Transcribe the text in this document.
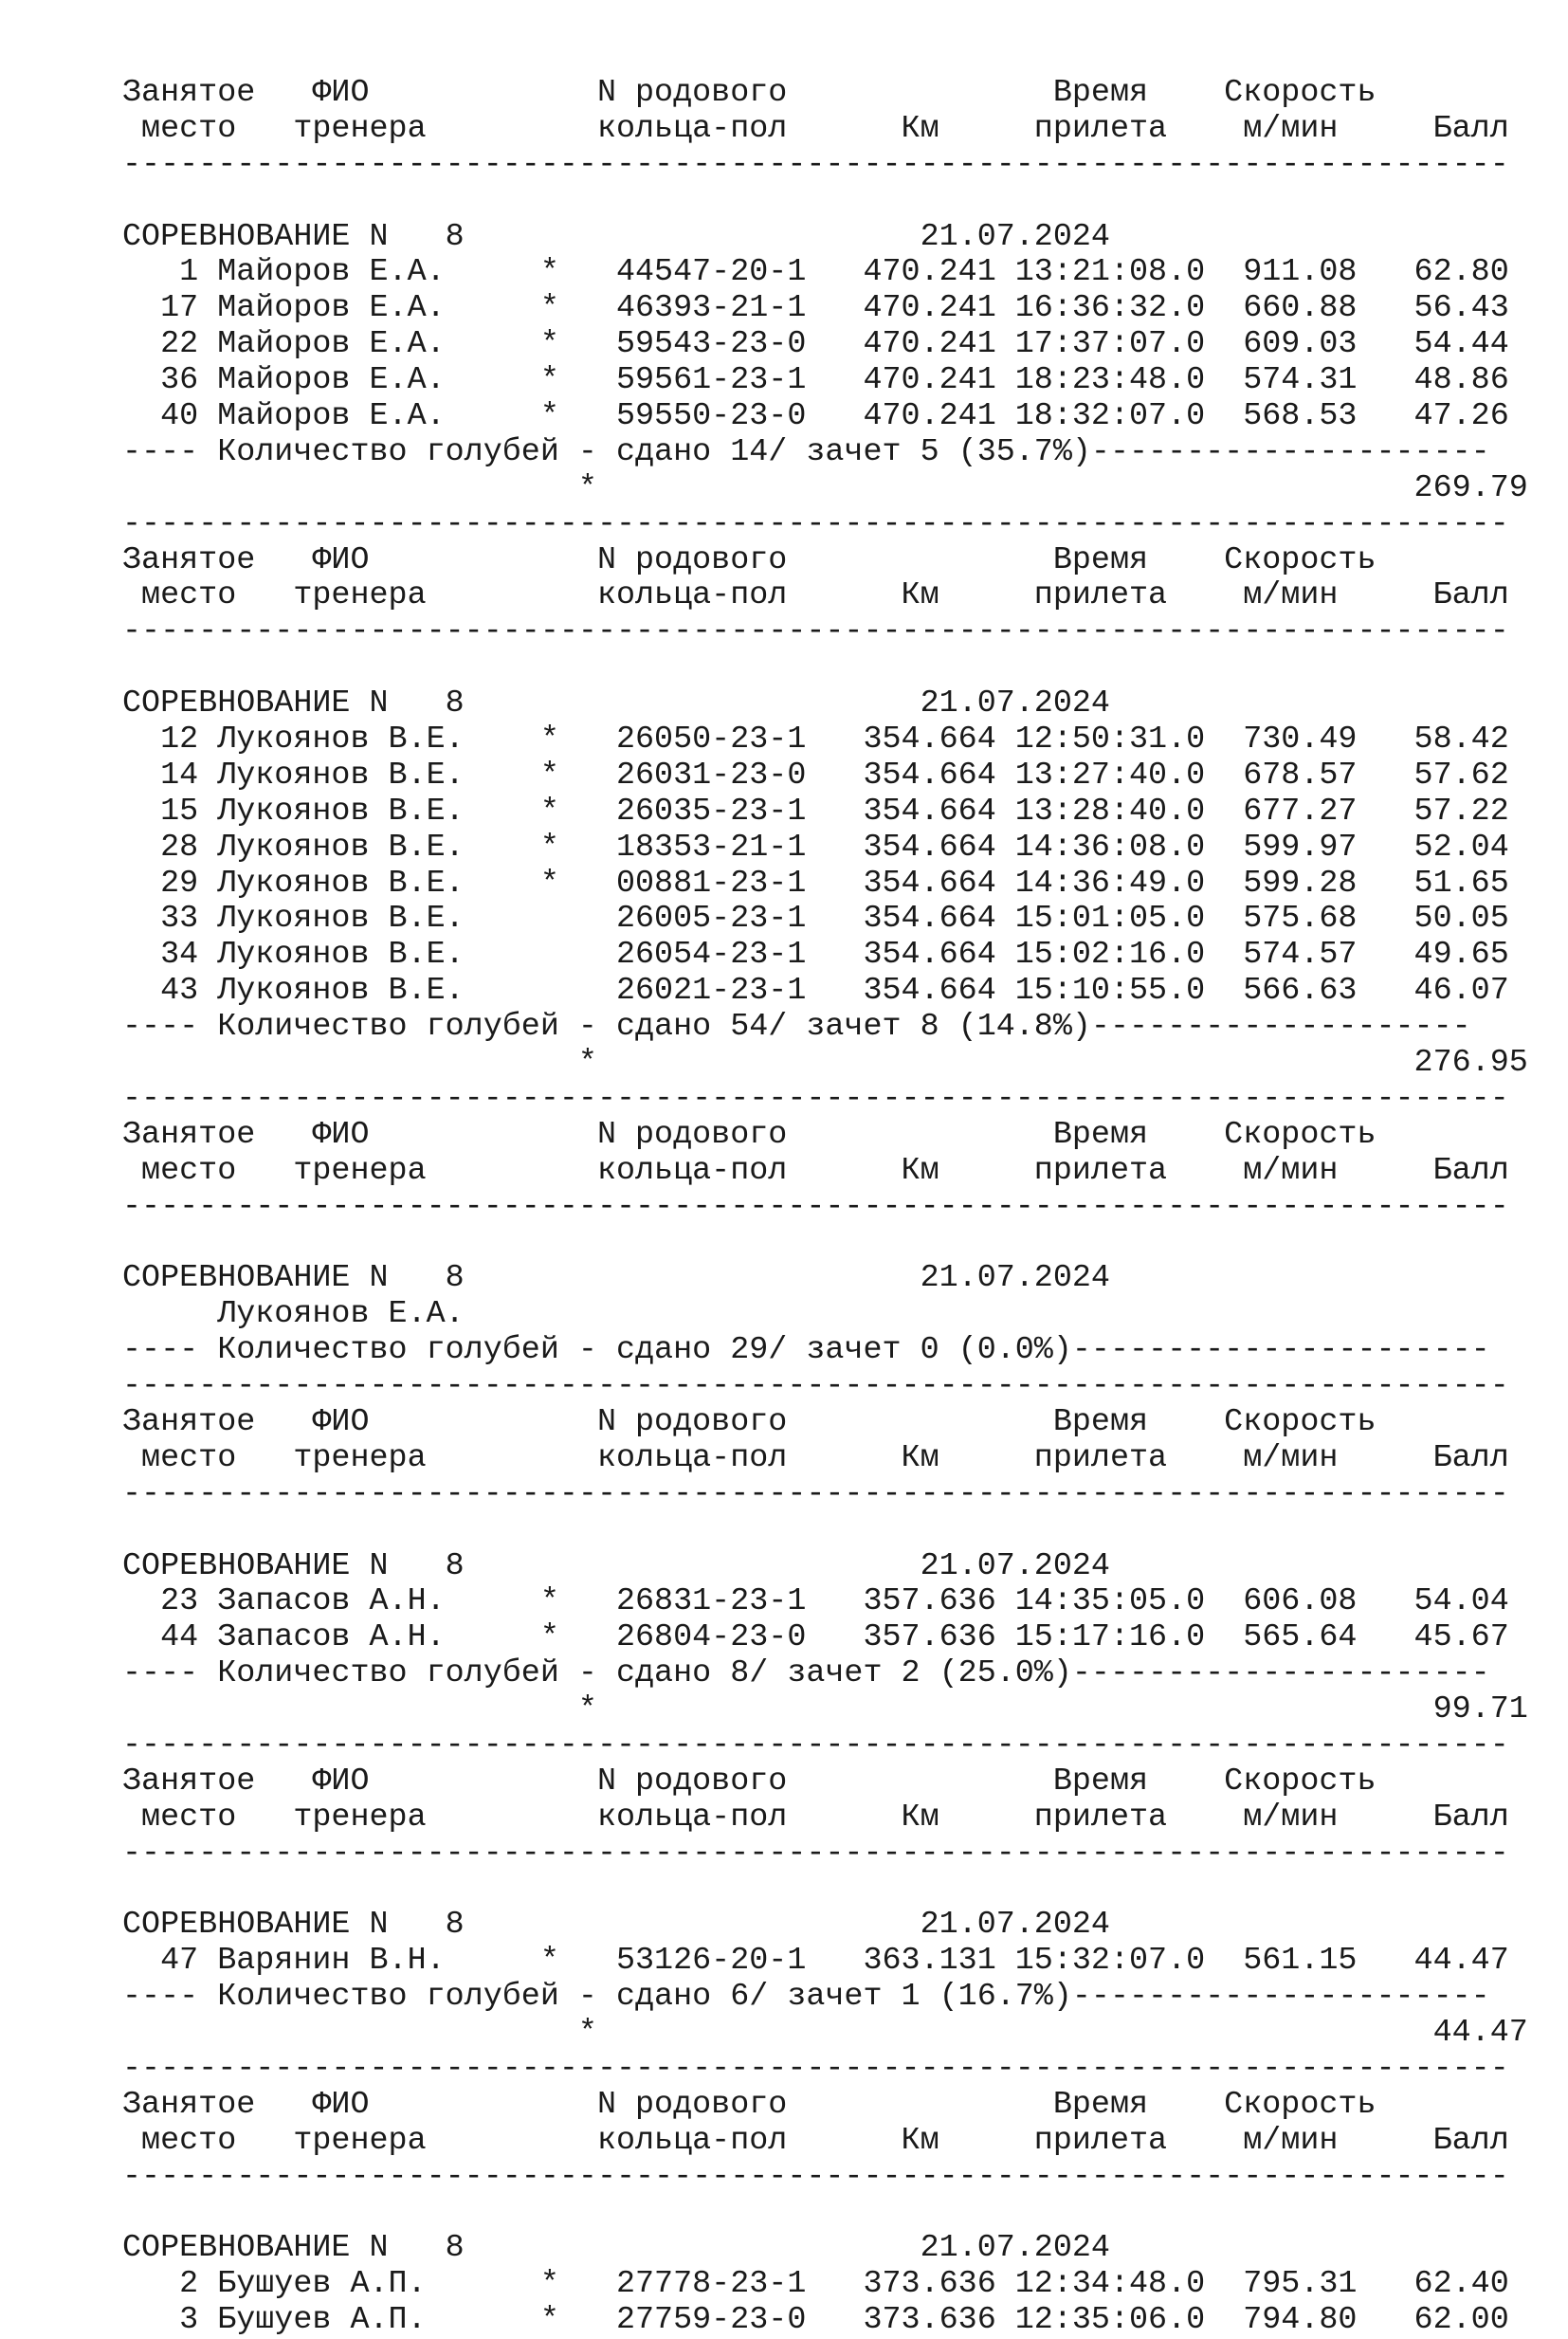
Занятое   ФИО            N родового              Время    Скорость
место   тренера         кольца-пол      Км     прилета    м/мин     Балл
-------------------------------------------------------------------------
СОРЕВНОВАНИЕ N   8                        21.07.2024
1 Майоров Е.А.     *   44547-20-1   470.241 13:21:08.0  911.08   62.80
17 Майоров Е.А.     *   46393-21-1   470.241 16:36:32.0  660.88   56.43
22 Майоров Е.А.     *   59543-23-0   470.241 17:37:07.0  609.03   54.44
36 Майоров Е.А.     *   59561-23-1   470.241 18:23:48.0  574.31   48.86
40 Майоров Е.А.     *   59550-23-0   470.241 18:32:07.0  568.53   47.26
---- Количество голубей - сдано 14/ зачет 5 (35.7%)---------------------
*                                           269.79
-------------------------------------------------------------------------
Занятое   ФИО            N родового              Время    Скорость
место   тренера         кольца-пол      Км     прилета    м/мин     Балл
-------------------------------------------------------------------------
СОРЕВНОВАНИЕ N   8                        21.07.2024
12 Лукоянов В.Е.    *   26050-23-1   354.664 12:50:31.0  730.49   58.42
14 Лукоянов В.Е.    *   26031-23-0   354.664 13:27:40.0  678.57   57.62
15 Лукоянов В.Е.    *   26035-23-1   354.664 13:28:40.0  677.27   57.22
28 Лукоянов В.Е.    *   18353-21-1   354.664 14:36:08.0  599.97   52.04
29 Лукоянов В.Е.    *   00881-23-1   354.664 14:36:49.0  599.28   51.65
33 Лукоянов В.Е.        26005-23-1   354.664 15:01:05.0  575.68   50.05
34 Лукоянов В.Е.        26054-23-1   354.664 15:02:16.0  574.57   49.65
43 Лукоянов В.Е.        26021-23-1   354.664 15:10:55.0  566.63   46.07
---- Количество голубей - сдано 54/ зачет 8 (14.8%)--------------------
*                                           276.95
-------------------------------------------------------------------------
Занятое   ФИО            N родового              Время    Скорость
место   тренера         кольца-пол      Км     прилета    м/мин     Балл
-------------------------------------------------------------------------
СОРЕВНОВАНИЕ N   8                        21.07.2024
Лукоянов Е.А.
---- Количество голубей - сдано 29/ зачет 0 (0.0%)----------------------
-------------------------------------------------------------------------
Занятое   ФИО            N родового              Время    Скорость
место   тренера         кольца-пол      Км     прилета    м/мин     Балл
-------------------------------------------------------------------------
СОРЕВНОВАНИЕ N   8                        21.07.2024
23 Запасов А.Н.     *   26831-23-1   357.636 14:35:05.0  606.08   54.04
44 Запасов А.Н.     *   26804-23-0   357.636 15:17:16.0  565.64   45.67
---- Количество голубей - сдано 8/ зачет 2 (25.0%)----------------------
*                                            99.71
-------------------------------------------------------------------------
Занятое   ФИО            N родового              Время    Скорость
место   тренера         кольца-пол      Км     прилета    м/мин     Балл
-------------------------------------------------------------------------
СОРЕВНОВАНИЕ N   8                        21.07.2024
47 Варянин В.Н.     *   53126-20-1   363.131 15:32:07.0  561.15   44.47
---- Количество голубей - сдано 6/ зачет 1 (16.7%)----------------------
*                                            44.47
-------------------------------------------------------------------------
Занятое   ФИО            N родового              Время    Скорость
место   тренера         кольца-пол      Км     прилета    м/мин     Балл
-------------------------------------------------------------------------
СОРЕВНОВАНИЕ N   8                        21.07.2024
2 Бушуев А.П.      *   27778-23-1   373.636 12:34:48.0  795.31   62.40
3 Бушуев А.П.      *   27759-23-0   373.636 12:35:06.0  794.80   62.00
